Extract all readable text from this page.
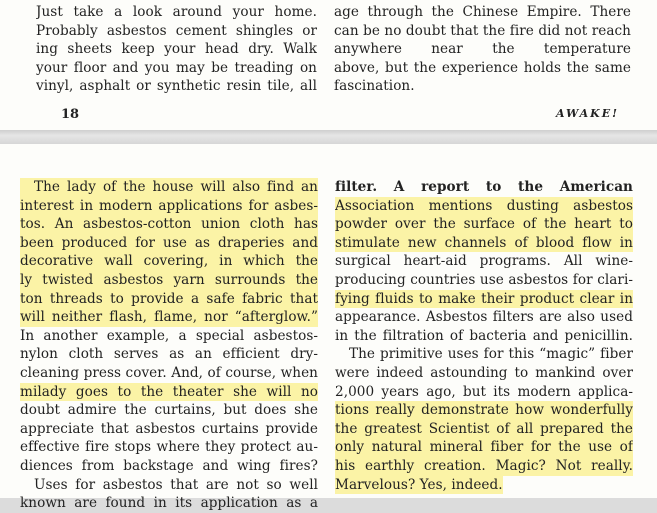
Just take a look around your home.
Probably asbestos cement shingles or
ing sheets keep your head dry. Walk
your floor and you may be treading on
vinyl, asphalt or synthetic resin tile, all
age through the Chinese Empire. There
can be no doubt that the fire did not reach
anywhere near the temperature
above, but the experience holds the same
fascination.
18	AWAKE!
The lady of the house will also find an
interest in modern applications for asbes-
tos. An asbestos-cotton union cloth has
been produced for use as draperies and
decorative wall covering, in which the
ly twisted asbestos yarn surrounds the
ton threads to provide a safe fabric that
will neither flash, flame, nor “afterglow.”
In another example, a special asbestos-
nylon cloth serves as an efficient dry-
cleaning press cover. And, of course, when
milady goes to the theater she will no
doubt admire the curtains, but does she
appreciate that asbestos curtains provide
effective fire stops where they protect au-
diences from backstage and wing fires?
Uses for asbestos that are not so well
known are found in its application as a
filter. A report to the American
Association mentions dusting asbestos
powder over the surface of the heart to
stimulate new channels of blood flow in
surgical heart-aid programs. All wine-
producing countries use asbestos for clari-
fying fluids to make their product clear in
appearance. Asbestos filters are also used
in the filtration of bacteria and penicillin.
The primitive uses for this “magic” fiber
were indeed astounding to mankind over
2,000 years ago, but its modern applica-
tions really demonstrate how wonderfully
the greatest Scientist of all prepared the
only natural mineral fiber for the use of
his earthly creation. Magic? Not really.
Marvelous? Yes, indeed.
